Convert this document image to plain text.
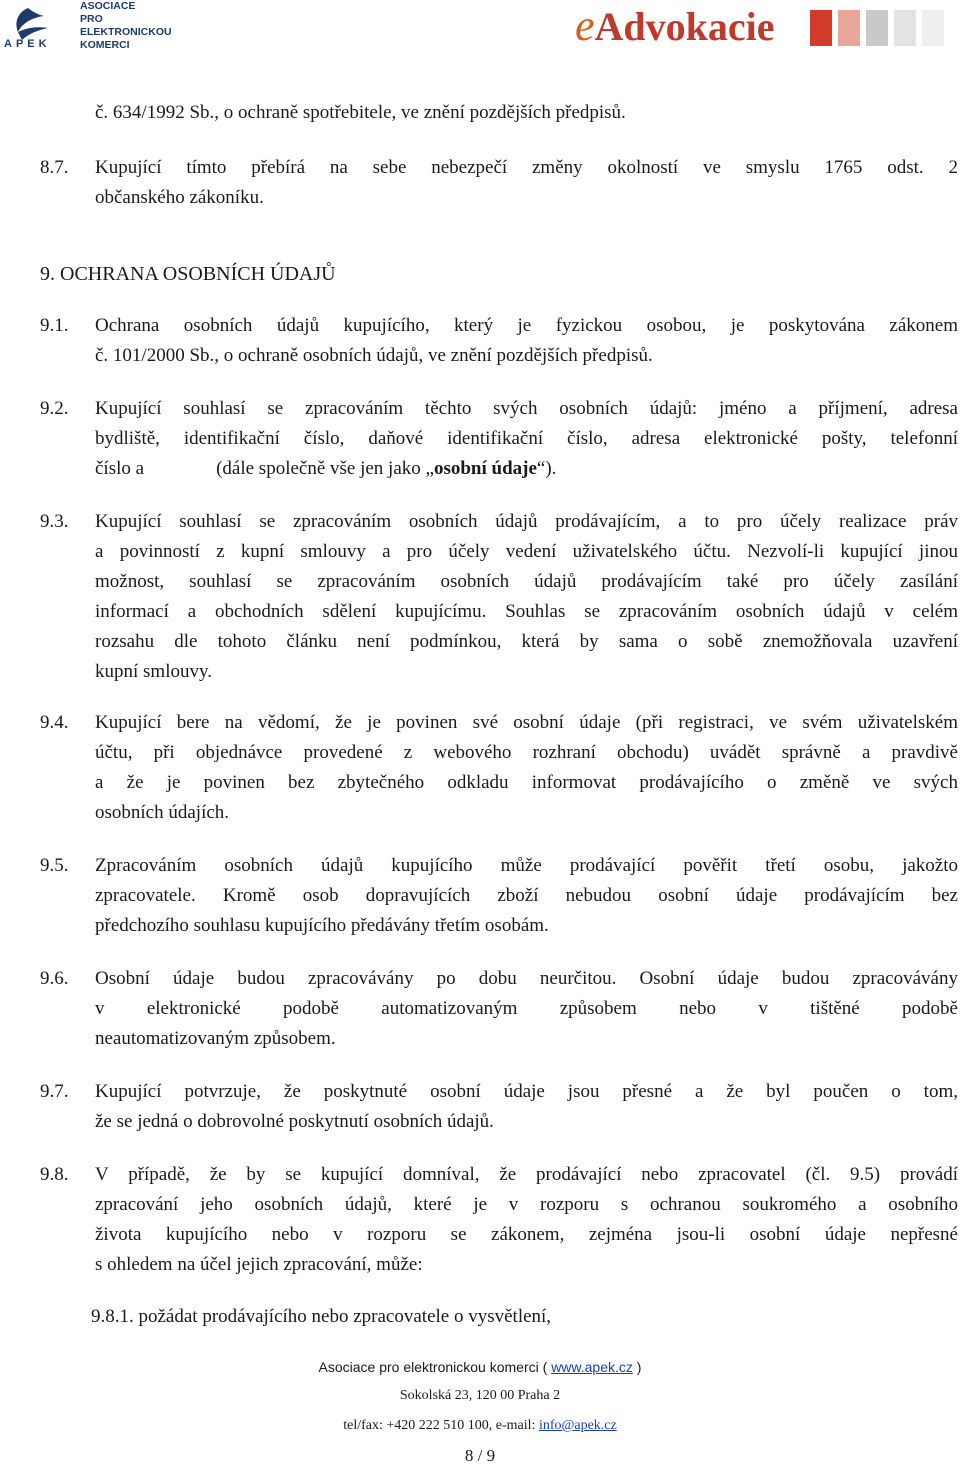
APEK
ASOCIACE
PRO
ELEKTRONICKOU
KOMERCI	eAdvokacie
č. 634/1992 Sb., o ochraně spotřebitele, ve znění pozdějších předpisů.
8.7. Kupující tímto přebírá na sebe nebezpečí změny okolností ve smyslu 1765 odst. 2
občanského zákoníku.
9. OCHRANA OSOBNÍCH ÚDAJŮ
9.1. Ochrana osobních údajů kupujícího, který je fyzickou osobou, je poskytována zákonem
č. 101/2000 Sb., o ochraně osobních údajů, ve znění pozdějších předpisů.
9.2. Kupující souhlasí se zpracováním těchto svých osobních údajů: jméno a příjmení, adresa
bydliště, identifikační číslo, daňové identifikační číslo, adresa elektronické pošty, telefonní
číslo a	(dále společně vše jen jako „osobní údaje“).
9.3. Kupující souhlasí se zpracováním osobních údajů prodávajícím, a to pro účely realizace práv
a povinností z kupní smlouvy a pro účely vedení uživatelského účtu. Nezvolí-li kupující jinou
možnost, souhlasí se zpracováním osobních údajů prodávajícím také pro účely zasílání
informací a obchodních sdělení kupujícímu. Souhlas se zpracováním osobních údajů v celém
rozsahu dle tohoto článku není podmínkou, která by sama o sobě znemožňovala uzavření
kupní smlouvy.
9.4. Kupující bere na vědomí, že je povinen své osobní údaje (při registraci, ve svém uživatelském
účtu, při objednávce provedené z webového rozhraní obchodu) uvádět správně a pravdivě
a že je povinen bez zbytečného odkladu informovat prodávajícího o změně ve svých
osobních údajích.
9.5. Zpracováním osobních údajů kupujícího může prodávající pověřit třetí osobu, jakožto
zpracovatele. Kromě osob dopravujících zboží nebudou osobní údaje prodávajícím bez
předchozího souhlasu kupujícího předávány třetím osobám.
9.6. Osobní údaje budou zpracovávány po dobu neurčitou. Osobní údaje budou zpracovávány
v elektronické podobě automatizovaným způsobem nebo v tištěné podobě
neautomatizovaným způsobem.
9.7. Kupující potvrzuje, že poskytnuté osobní údaje jsou přesné a že byl poučen o tom,
že se jedná o dobrovolné poskytnutí osobních údajů.
9.8. V případě, že by se kupující domníval, že prodávající nebo zpracovatel (čl. 9.5) provádí
zpracování jeho osobních údajů, které je v rozporu s ochranou soukromého a osobního
života kupujícího nebo v rozporu se zákonem, zejména jsou-li osobní údaje nepřesné
s ohledem na účel jejich zpracování, může:
9.8.1. požádat prodávajícího nebo zpracovatele o vysvětlení,
Asociace pro elektronickou komerci ( www.apek.cz )
Sokolská 23, 120 00 Praha 2
tel/fax: +420 222 510 100, e-mail: info@apek.cz
8 / 9
